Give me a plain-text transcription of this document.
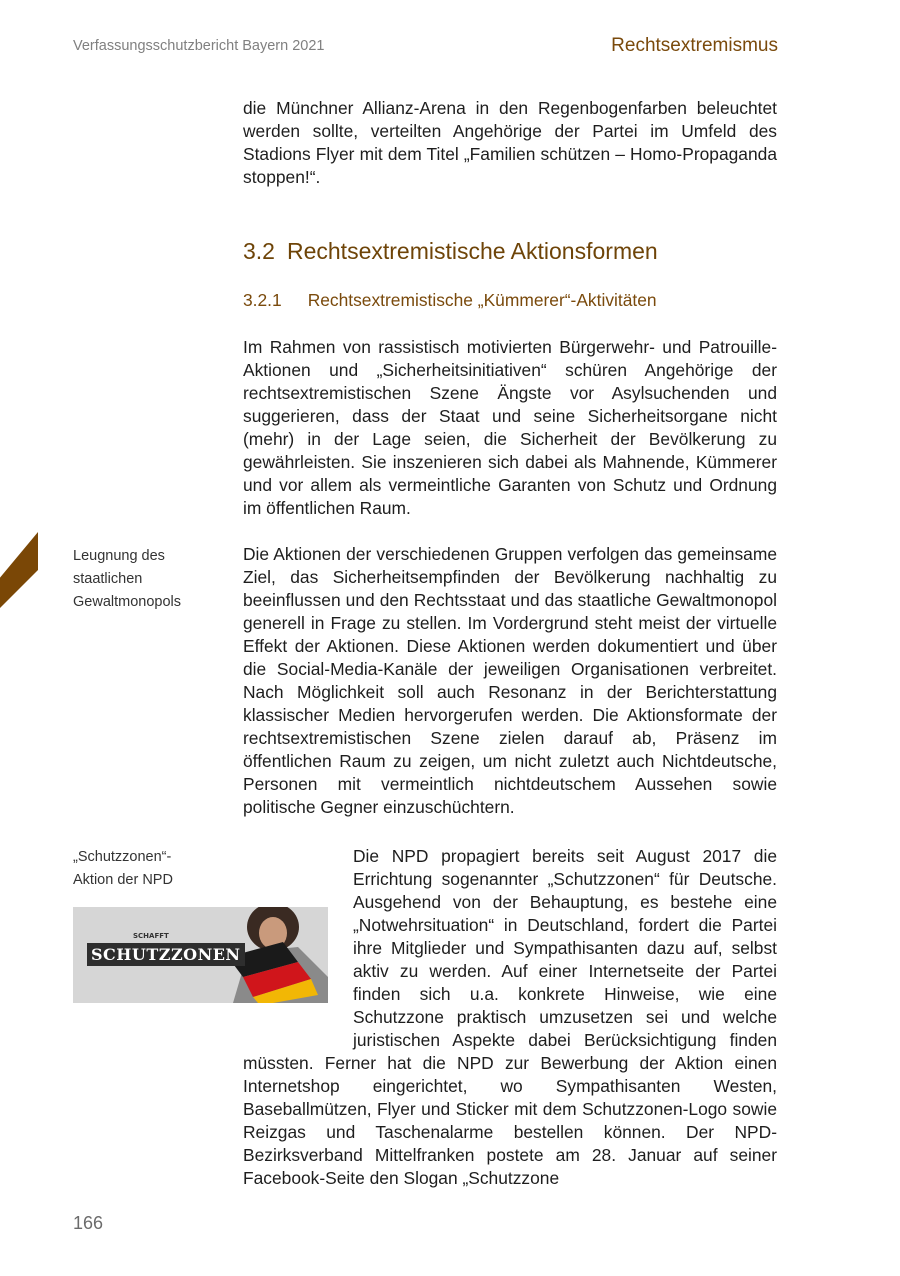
Verfassungsschutzbericht Bayern 2021	Rechtsextremismus

die Münchner Allianz-Arena in den Regenbogenfarben beleuchtet werden sollte, verteilten Angehörige der Partei im Umfeld des Stadions Flyer mit dem Titel „Familien schützen – Homo-Propaganda stoppen!“.

3.2 Rechtsextremistische Aktionsformen
3.2.1 Rechtsextremistische „Kümmerer“-Aktivitäten

Im Rahmen von rassistisch motivierten Bürgerwehr- und Patrouille-Aktionen und „Sicherheitsinitiativen“ schüren Angehörige der rechtsextremistischen Szene Ängste vor Asylsuchenden und suggerieren, dass der Staat und seine Sicherheitsorgane nicht (mehr) in der Lage seien, die Sicherheit der Bevölkerung zu gewährleisten. Sie inszenieren sich dabei als Mahnende, Kümmerer und vor allem als vermeintliche Garanten von Schutz und Ordnung im öffentlichen Raum.

Leugnung des staatlichen Gewaltmonopols

Die Aktionen der verschiedenen Gruppen verfolgen das gemeinsame Ziel, das Sicherheitsempfinden der Bevölkerung nachhaltig zu beeinflussen und den Rechtsstaat und das staatliche Gewaltmonopol generell in Frage zu stellen. Im Vordergrund steht meist der virtuelle Effekt der Aktionen. Diese Aktionen werden dokumentiert und über die Social-Media-Kanäle der jeweiligen Organisationen verbreitet. Nach Möglichkeit soll auch Resonanz in der Berichterstattung klassischer Medien hervorgerufen werden. Die Aktionsformate der rechtsextremistischen Szene zielen darauf ab, Präsenz im öffentlichen Raum zu zeigen, um nicht zuletzt auch Nichtdeutsche, Personen mit vermeintlich nichtdeutschem Aussehen sowie politische Gegner einzuschüchtern.

„Schutzzonen“-Aktion der NPD
SCHAFFT
SCHUTZZONEN

Die NPD propagiert bereits seit August 2017 die Errichtung sogenannter „Schutzzonen“ für Deutsche. Ausgehend von der Behauptung, es bestehe eine „Notwehrsituation“ in Deutschland, fordert die Partei ihre Mitglieder und Sympathisanten dazu auf, selbst aktiv zu werden. Auf einer Internetseite der Partei finden sich u.a. konkrete Hinweise, wie eine Schutzzone praktisch umzusetzen sei und welche juristischen Aspekte dabei Berücksichtigung finden müssten. Ferner hat die NPD zur Bewerbung der Aktion einen Internetshop eingerichtet, wo Sympathisanten Westen, Baseballmützen, Flyer und Sticker mit dem Schutzzonen-Logo sowie Reizgas und Taschenalarme bestellen können. Der NPD-Bezirksverband Mittelfranken postete am 28. Januar auf seiner Facebook-Seite den Slogan „Schutzzone

166
